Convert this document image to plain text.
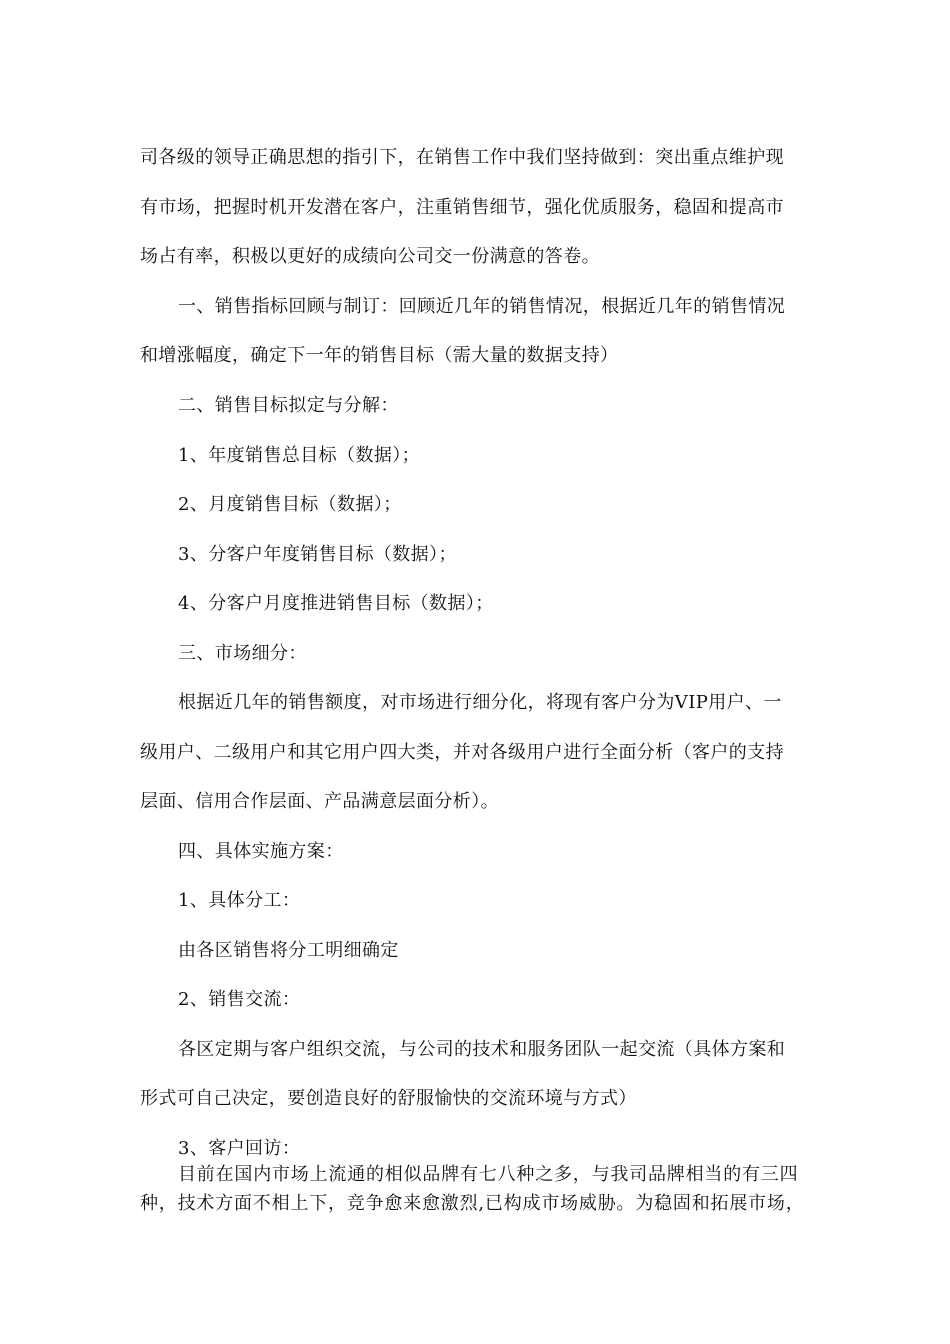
司各级的领导正确思想的指引下，在销售工作中我们坚持做到：突出重点维护现
有市场，把握时机开发潜在客户，注重销售细节，强化优质服务，稳固和提高市
场占有率，积极以更好的成绩向公司交一份满意的答卷。
一、销售指标回顾与制订：回顾近几年的销售情况，根据近几年的销售情况
和增涨幅度，确定下一年的销售目标（需大量的数据支持）
二、销售目标拟定与分解：
1、年度销售总目标（数据）；
2、月度销售目标（数据）；
3、分客户年度销售目标（数据）；
4、分客户月度推进销售目标（数据）；
三、市场细分：
根据近几年的销售额度，对市场进行细分化，将现有客户分为VIP用户、一
级用户、二级用户和其它用户四大类，并对各级用户进行全面分析（客户的支持
层面、信用合作层面、产品满意层面分析）。
四、具体实施方案：
1、具体分工：
由各区销售将分工明细确定
2、销售交流：
各区定期与客户组织交流，与公司的技术和服务团队一起交流（具体方案和
形式可自己决定，要创造良好的舒服愉快的交流环境与方式）
3、客户回访：
目前在国内市场上流通的相似品牌有七八种之多，与我司品牌相当的有三四
种，技术方面不相上下，竞争愈来愈激烈,已构成市场威胁。为稳固和拓展市场，
